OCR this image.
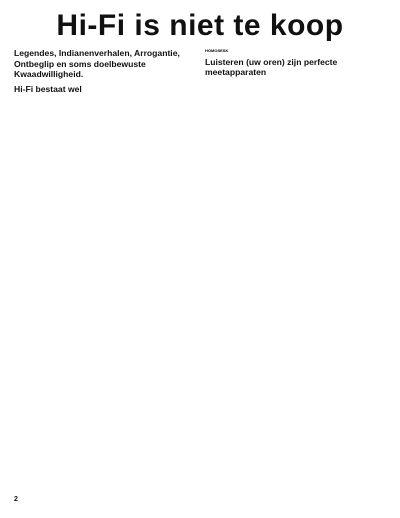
Hi-Fi is niet te koop
Legendes, Indianenverhalen, Arrogantie, Ontbeglip en soms doelbewuste Kwaadwilligheid.
Hi-Fi bestaat wel

HOMOSESK

Luisteren (uw oren) zijn perfecte meetapparaten
2
